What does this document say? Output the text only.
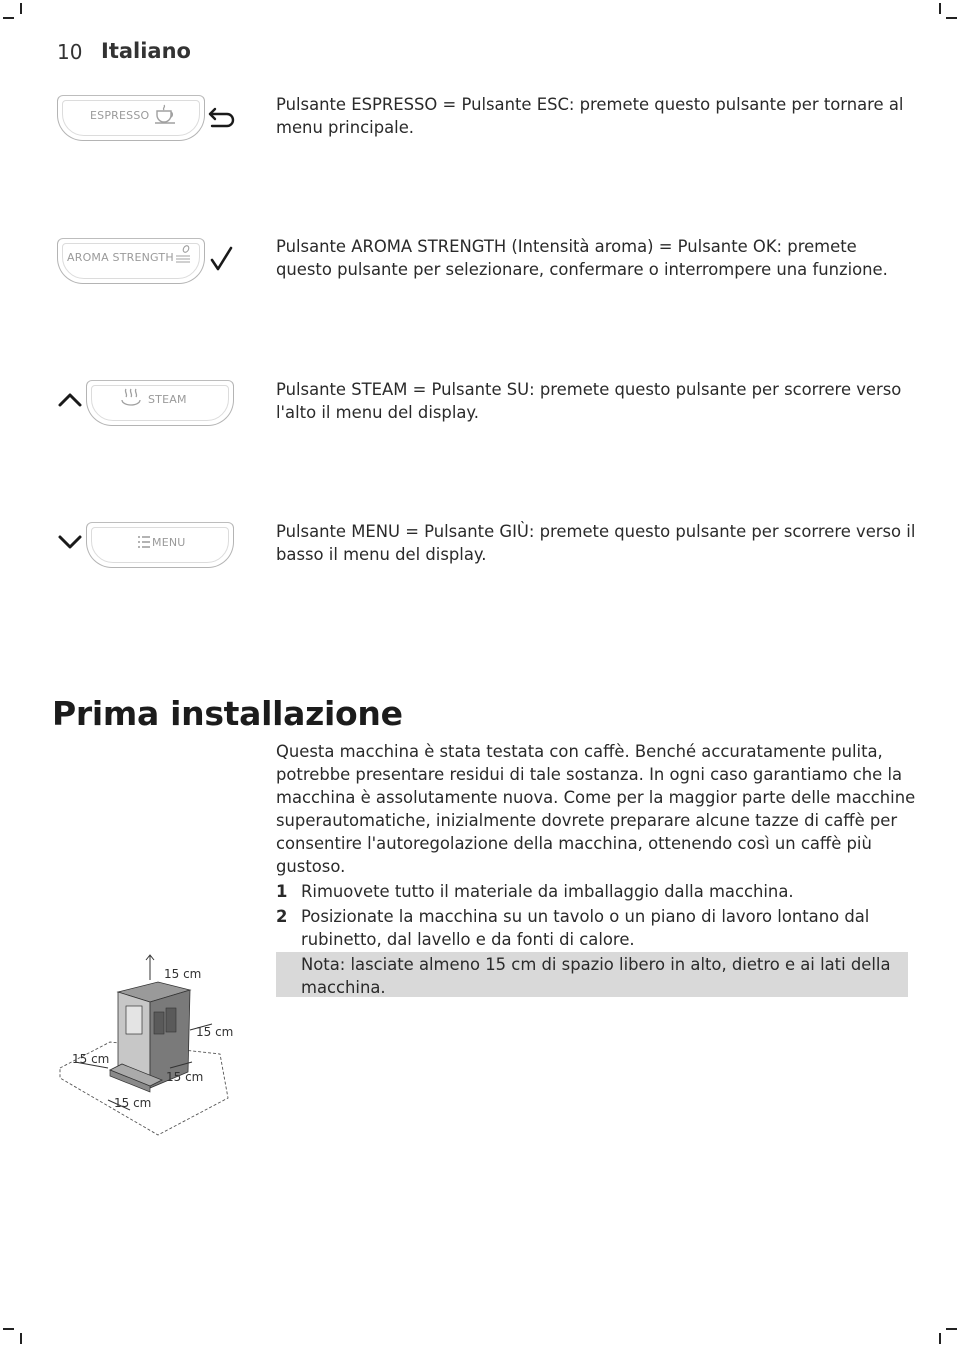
10 Italiano
ESPRESSO
Pulsante ESPRESSO = Pulsante ESC: premete questo pulsante per tornare al menu principale.
AROMA STRENGTH
Pulsante AROMA STRENGTH (Intensità aroma) = Pulsante OK: premete questo pulsante per selezionare, confermare o interrompere una funzione.
STEAM
Pulsante STEAM = Pulsante SU: premete questo pulsante per scorrere verso l'alto il menu del display.
MENU
Pulsante MENU = Pulsante GIÙ: premete questo pulsante per scorrere verso il basso il menu del display.
Prima installazione
Questa macchina è stata testata con caffè. Benché accuratamente pulita, potrebbe presentare residui di tale sostanza. In ogni caso garantiamo che la macchina è assolutamente nuova. Come per la maggior parte delle macchine superautomatiche, inizialmente dovrete preparare alcune tazze di caffè per consentire l'autoregolazione della macchina, ottenendo così un caffè più gustoso.
1 Rimuovete tutto il materiale da imballaggio dalla macchina.
2 Posizionate la macchina su un tavolo o un piano di lavoro lontano dal rubinetto, dal lavello e da fonti di calore.
Nota: lasciate almeno 15 cm di spazio libero in alto, dietro e ai lati della macchina.
15 cm
15 cm
15 cm
15 cm
15 cm
